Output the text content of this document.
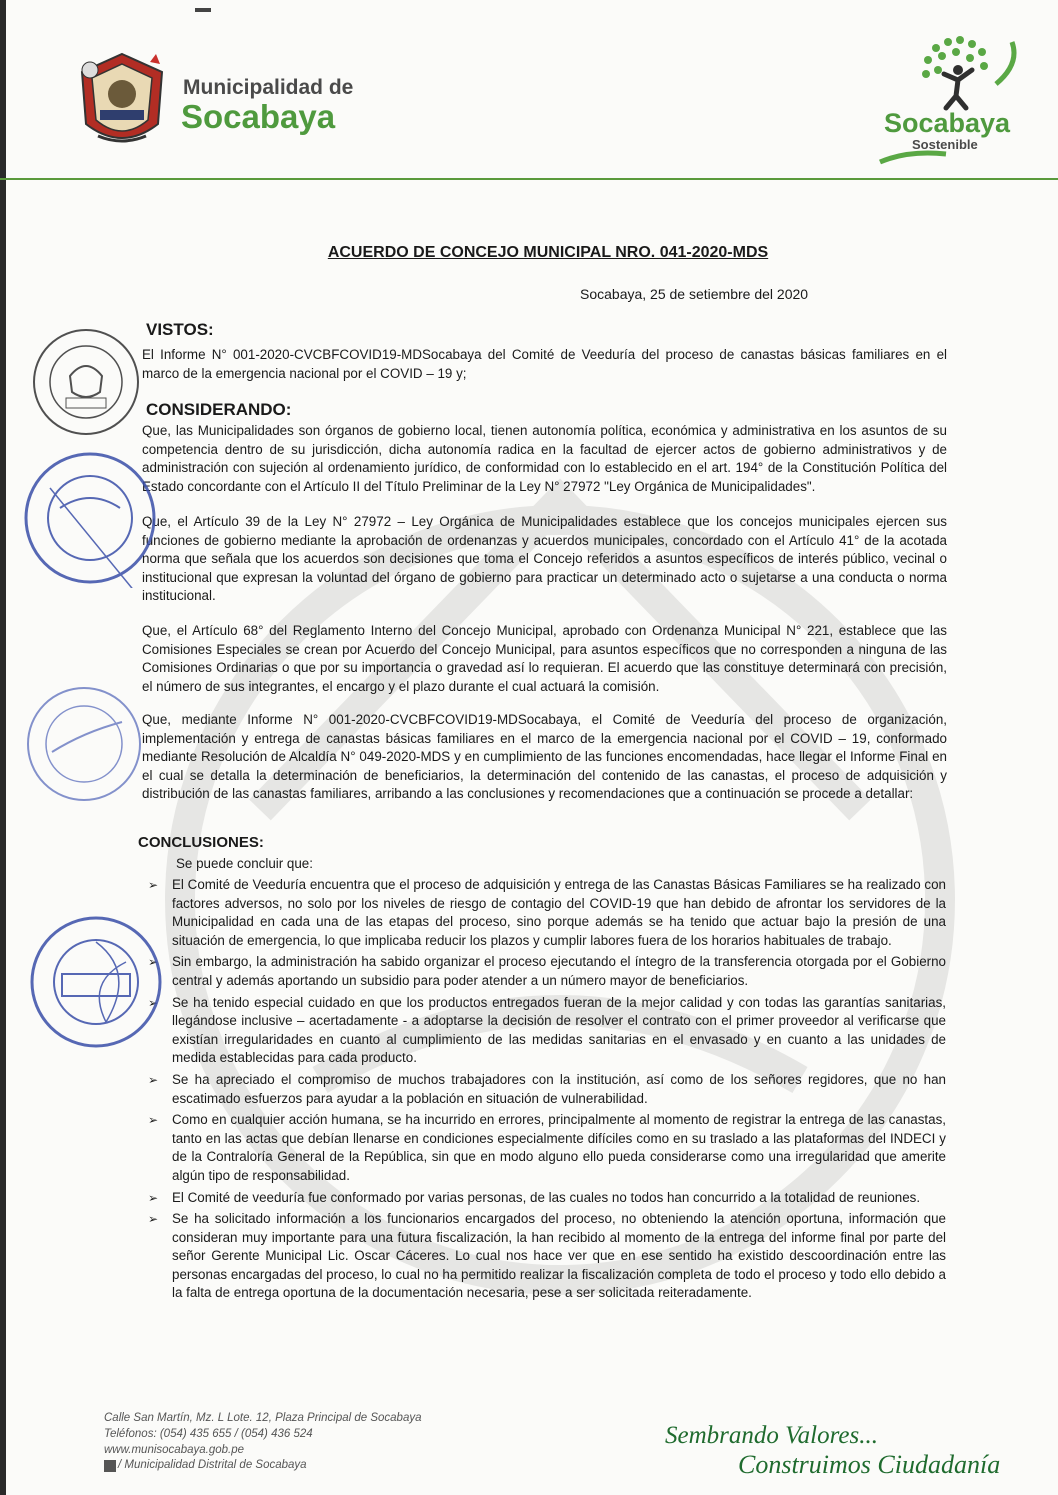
Municipalidad de
Socabaya	Socabaya
Sostenible
ACUERDO DE CONCEJO MUNICIPAL NRO. 041-2020-MDS
Socabaya, 25 de setiembre del 2020
VISTOS:
El Informe N° 001-2020-CVCBFCOVID19-MDSocabaya del Comité de Veeduría del proceso de canastas básicas familiares en el marco de la emergencia nacional por el COVID – 19 y;
CONSIDERANDO:
Que, las Municipalidades son órganos de gobierno local, tienen autonomía política, económica y administrativa en los asuntos de su competencia dentro de su jurisdicción, dicha autonomía radica en la facultad de ejercer actos de gobierno administrativos y de administración con sujeción al ordenamiento jurídico, de conformidad con lo establecido en el art. 194° de la Constitución Política del Estado concordante con el Artículo II del Título Preliminar de la Ley N° 27972 "Ley Orgánica de Municipalidades".
Que, el Artículo 39 de la Ley N° 27972 – Ley Orgánica de Municipalidades establece que los concejos municipales ejercen sus funciones de gobierno mediante la aprobación de ordenanzas y acuerdos municipales, concordado con el Artículo 41° de la acotada norma que señala que los acuerdos son decisiones que toma el Concejo referidos a asuntos específicos de interés público, vecinal o institucional que expresan la voluntad del órgano de gobierno para practicar un determinado acto o sujetarse a una conducta o norma institucional.
Que, el Artículo 68° del Reglamento Interno del Concejo Municipal, aprobado con Ordenanza Municipal N° 221, establece que las Comisiones Especiales se crean por Acuerdo del Concejo Municipal, para asuntos específicos que no corresponden a ninguna de las Comisiones Ordinarias o que por su importancia o gravedad así lo requieran. El acuerdo que las constituye determinará con precisión, el número de sus integrantes, el encargo y el plazo durante el cual actuará la comisión.
Que, mediante Informe N° 001-2020-CVCBFCOVID19-MDSocabaya, el Comité de Veeduría del proceso de organización, implementación y entrega de canastas básicas familiares en el marco de la emergencia nacional por el COVID – 19, conformado mediante Resolución de Alcaldía N° 049-2020-MDS y en cumplimiento de las funciones encomendadas, hace llegar el Informe Final en el cual se detalla la determinación de beneficiarios, la determinación del contenido de las canastas, el proceso de adquisición y distribución de las canastas familiares, arribando a las conclusiones y recomendaciones que a continuación se procede a detallar:
CONCLUSIONES:
Se puede concluir que:
➢ El Comité de Veeduría encuentra que el proceso de adquisición y entrega de las Canastas Básicas Familiares se ha realizado con factores adversos, no solo por los niveles de riesgo de contagio del COVID-19 que han debido de afrontar los servidores de la Municipalidad en cada una de las etapas del proceso, sino porque además se ha tenido que actuar bajo la presión de una situación de emergencia, lo que implicaba reducir los plazos y cumplir labores fuera de los horarios habituales de trabajo.
➢ Sin embargo, la administración ha sabido organizar el proceso ejecutando el íntegro de la transferencia otorgada por el Gobierno central y además aportando un subsidio para poder atender a un número mayor de beneficiarios.
➢ Se ha tenido especial cuidado en que los productos entregados fueran de la mejor calidad y con todas las garantías sanitarias, llegándose inclusive – acertadamente - a adoptarse la decisión de resolver el contrato con el primer proveedor al verificarse que existían irregularidades en cuanto al cumplimiento de las medidas sanitarias en el envasado y en cuanto a las unidades de medida establecidas para cada producto.
➢ Se ha apreciado el compromiso de muchos trabajadores con la institución, así como de los señores regidores, que no han escatimado esfuerzos para ayudar a la población en situación de vulnerabilidad.
➢ Como en cualquier acción humana, se ha incurrido en errores, principalmente al momento de registrar la entrega de las canastas, tanto en las actas que debían llenarse en condiciones especialmente difíciles como en su traslado a las plataformas del INDECI y de la Contraloría General de la República, sin que en modo alguno ello pueda considerarse como una irregularidad que amerite algún tipo de responsabilidad.
➢ El Comité de veeduría fue conformado por varias personas, de las cuales no todos han concurrido a la totalidad de reuniones.
➢ Se ha solicitado información a los funcionarios encargados del proceso, no obteniendo la atención oportuna, información que consideran muy importante para una futura fiscalización, la han recibido al momento de la entrega del informe final por parte del señor Gerente Municipal Lic. Oscar Cáceres. Lo cual nos hace ver que en ese sentido ha existido descoordinación entre las personas encargadas del proceso, lo cual no ha permitido realizar la fiscalización completa de todo el proceso y todo ello debido a la falta de entrega oportuna de la documentación necesaria, pese a ser solicitada reiteradamente.
Calle San Martín, Mz. L Lote. 12, Plaza Principal de Socabaya
Teléfonos: (054) 435 655 / (054) 436 524
www.munisocabaya.gob.pe
/ Municipalidad Distrital de Socabaya
Sembrando Valores...
Construimos Ciudadanía
